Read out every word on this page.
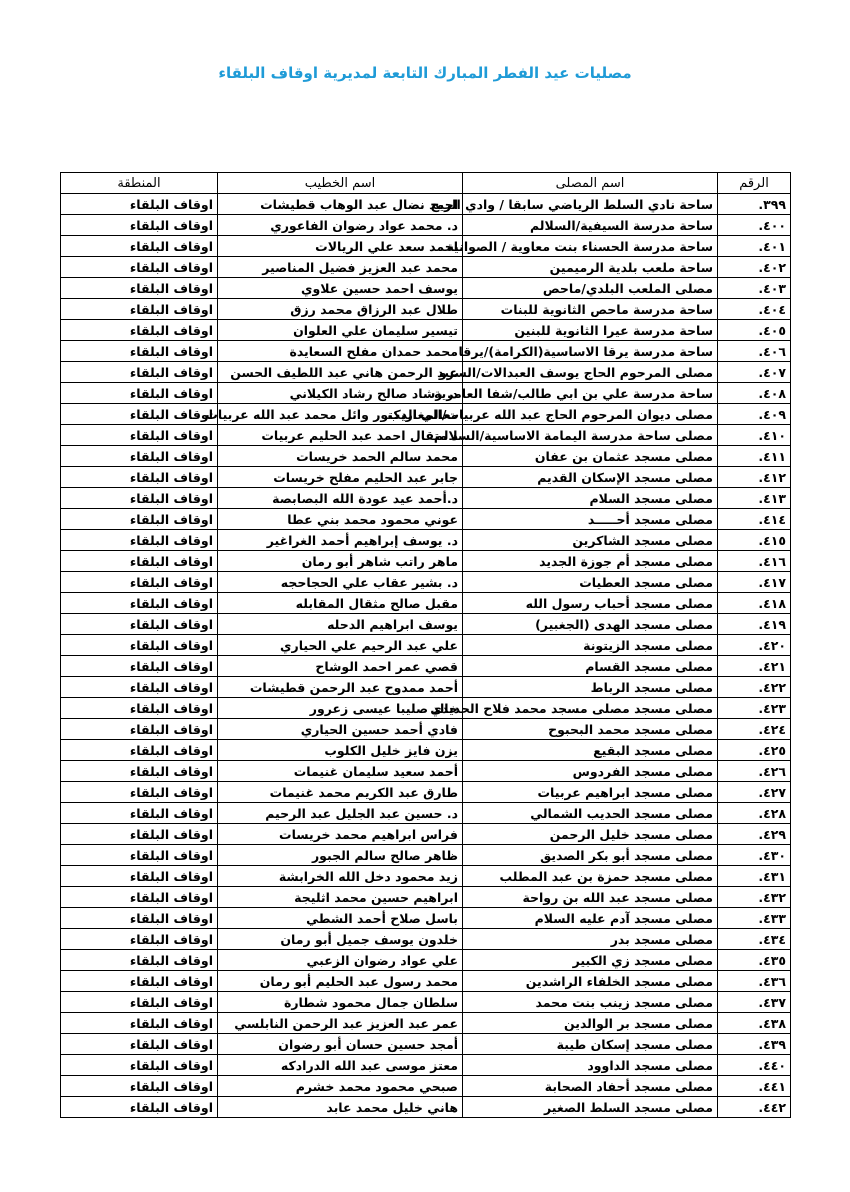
مصليات عيد الفطر المبارك التابعة لمديرية اوقاف البلقاء
الرقم	اسم المصلى	اسم الخطيب	المنطقة
٣٩٩.	ساحة نادي السلط الرياضي سابقا / وادي الريح	احمد نضال عبد الوهاب قطيشات	اوقاف البلقاء
٤٠٠.	ساحة مدرسة السيفية/السلالم	د. محمد عواد رضوان الفاعوري	اوقاف البلقاء
٤٠١.	ساحة مدرسة الحسناء بنت معاوية / الصوانية	احمد سعد علي الريالات	اوقاف البلقاء
٤٠٢.	ساحة ملعب بلدية الرميمين	محمد عبد العزيز فضيل المناصير	اوقاف البلقاء
٤٠٣.	مصلى الملعب البلدي/ماحص	يوسف احمد حسين علاوي	اوقاف البلقاء
٤٠٤.	ساحة مدرسة ماحص الثانوية للبنات	طلال عبد الرزاق محمد رزق	اوقاف البلقاء
٤٠٥.	ساحة مدرسة عيرا الثانوية للبنين	تيسير سليمان علي العلوان	اوقاف البلقاء
٤٠٦.	ساحة مدرسة يرقا الاساسية(الكرامة)/يرقا	محمد حمدان مفلح السعايدة	اوقاف البلقاء
٤٠٧.	مصلى المرحوم الحاج يوسف العبدالات/السرو	عبد الرحمن هاني عبد اللطيف الحسن	اوقاف البلقاء
٤٠٨.	ساحة مدرسة علي بن ابي طالب/شفا العامرية	د. رشاد صالح رشاد الكيلاني	اوقاف البلقاء
٤٠٩.	مصلى ديوان المرحوم الحاج عبد الله عربيات/المغاريب	معالي الدكتور وائل محمد عبد الله عربيات	اوقاف البلقاء
٤١٠.	مصلى ساحة مدرسة اليمامة الاساسية/السلالم	د متقال احمد عبد الحليم عربيات	اوقاف البلقاء
٤١١.	مصلى مسجد عثمان بن عفان	محمد سالم الحمد خريسات	اوقاف البلقاء
٤١٢.	مصلى مسجد الإسكان القديم	جابر عبد الحليم مفلح خريسات	اوقاف البلقاء
٤١٣.	مصلى مسجد السلام	د.أحمد عيد عودة الله البصابصة	اوقاف البلقاء
٤١٤.	مصلى مسجد أحـــــد	عوني محمود محمد بني عطا	اوقاف البلقاء
٤١٥.	مصلى مسجد الشاكرين	د. يوسف إبراهيم أحمد الغراغير	اوقاف البلقاء
٤١٦.	مصلى مسجد أم جوزة الجديد	ماهر راتب شاهر أبو رمان	اوقاف البلقاء
٤١٧.	مصلى مسجد العطيات	د. بشير عقاب علي الحجاحجه	اوقاف البلقاء
٤١٨.	مصلى مسجد أحباب رسول الله	مقبل صالح مثقال المقابله	اوقاف البلقاء
٤١٩.	مصلى مسجد الهدى (الجغبير)	يوسف ابراهيم الدحله	اوقاف البلقاء
٤٢٠.	مصلى مسجد الزيتونة	علي عبد الرحيم علي الحياري	اوقاف البلقاء
٤٢١.	مصلى مسجد القسام	قصي عمر احمد الوشاح	اوقاف البلقاء
٤٢٢.	مصلى مسجد الرباط	أحمد ممدوح عبد الرحمن قطيشات	اوقاف البلقاء
٤٢٣.	مصلى مسجد مصلى مسجد محمد فلاح الحديدي	خالد صليبا عيسى زعرور	اوقاف البلقاء
٤٢٤.	مصلى مسجد محمد البحبوح	فادي أحمد حسين الحياري	اوقاف البلقاء
٤٢٥.	مصلى مسجد البقيع	يزن فايز خليل الكلوب	اوقاف البلقاء
٤٢٦.	مصلى مسجد الفردوس	أحمد سعيد سليمان غنيمات	اوقاف البلقاء
٤٢٧.	مصلى مسجد ابراهيم عربيات	طارق عبد الكريم محمد غنيمات	اوقاف البلقاء
٤٢٨.	مصلى مسجد الحديب الشمالي	د. حسين عبد الجليل عبد الرحيم	اوقاف البلقاء
٤٢٩.	مصلى مسجد خليل الرحمن	فراس ابراهيم محمد خريسات	اوقاف البلقاء
٤٣٠.	مصلى مسجد أبو بكر الصديق	ظاهر صالح سالم الجبور	اوقاف البلقاء
٤٣١.	مصلى مسجد حمزة بن عبد المطلب	زيد محمود دخل الله الخرابشة	اوقاف البلقاء
٤٣٢.	مصلى مسجد عبد الله بن رواحة	ابراهيم حسين محمد اثليجة	اوقاف البلقاء
٤٣٣.	مصلى مسجد آدم عليه السلام	باسل صلاح أحمد الشطي	اوقاف البلقاء
٤٣٤.	مصلى مسجد بدر	خلدون يوسف جميل أبو رمان	اوقاف البلقاء
٤٣٥.	مصلى مسجد زي الكبير	علي عواد رضوان الزعبي	اوقاف البلقاء
٤٣٦.	مصلى مسجد الخلفاء الراشدين	محمد رسول عبد الحليم أبو رمان	اوقاف البلقاء
٤٣٧.	مصلى مسجد زينب بنت محمد	سلطان جمال محمود شطارة	اوقاف البلقاء
٤٣٨.	مصلى مسجد بر الوالدين	عمر عبد العزيز عبد الرحمن النابلسي	اوقاف البلقاء
٤٣٩.	مصلى مسجد إسكان طيبة	أمجد حسين حسان أبو رضوان	اوقاف البلقاء
٤٤٠.	مصلى مسجد الداوود	معتز موسى عبد الله الدرادكه	اوقاف البلقاء
٤٤١.	مصلى مسجد أحفاد الصحابة	صبحي محمود محمد خشرم	اوقاف البلقاء
٤٤٢.	مصلى مسجد السلط الصغير	هاني خليل محمد عابد	اوقاف البلقاء
